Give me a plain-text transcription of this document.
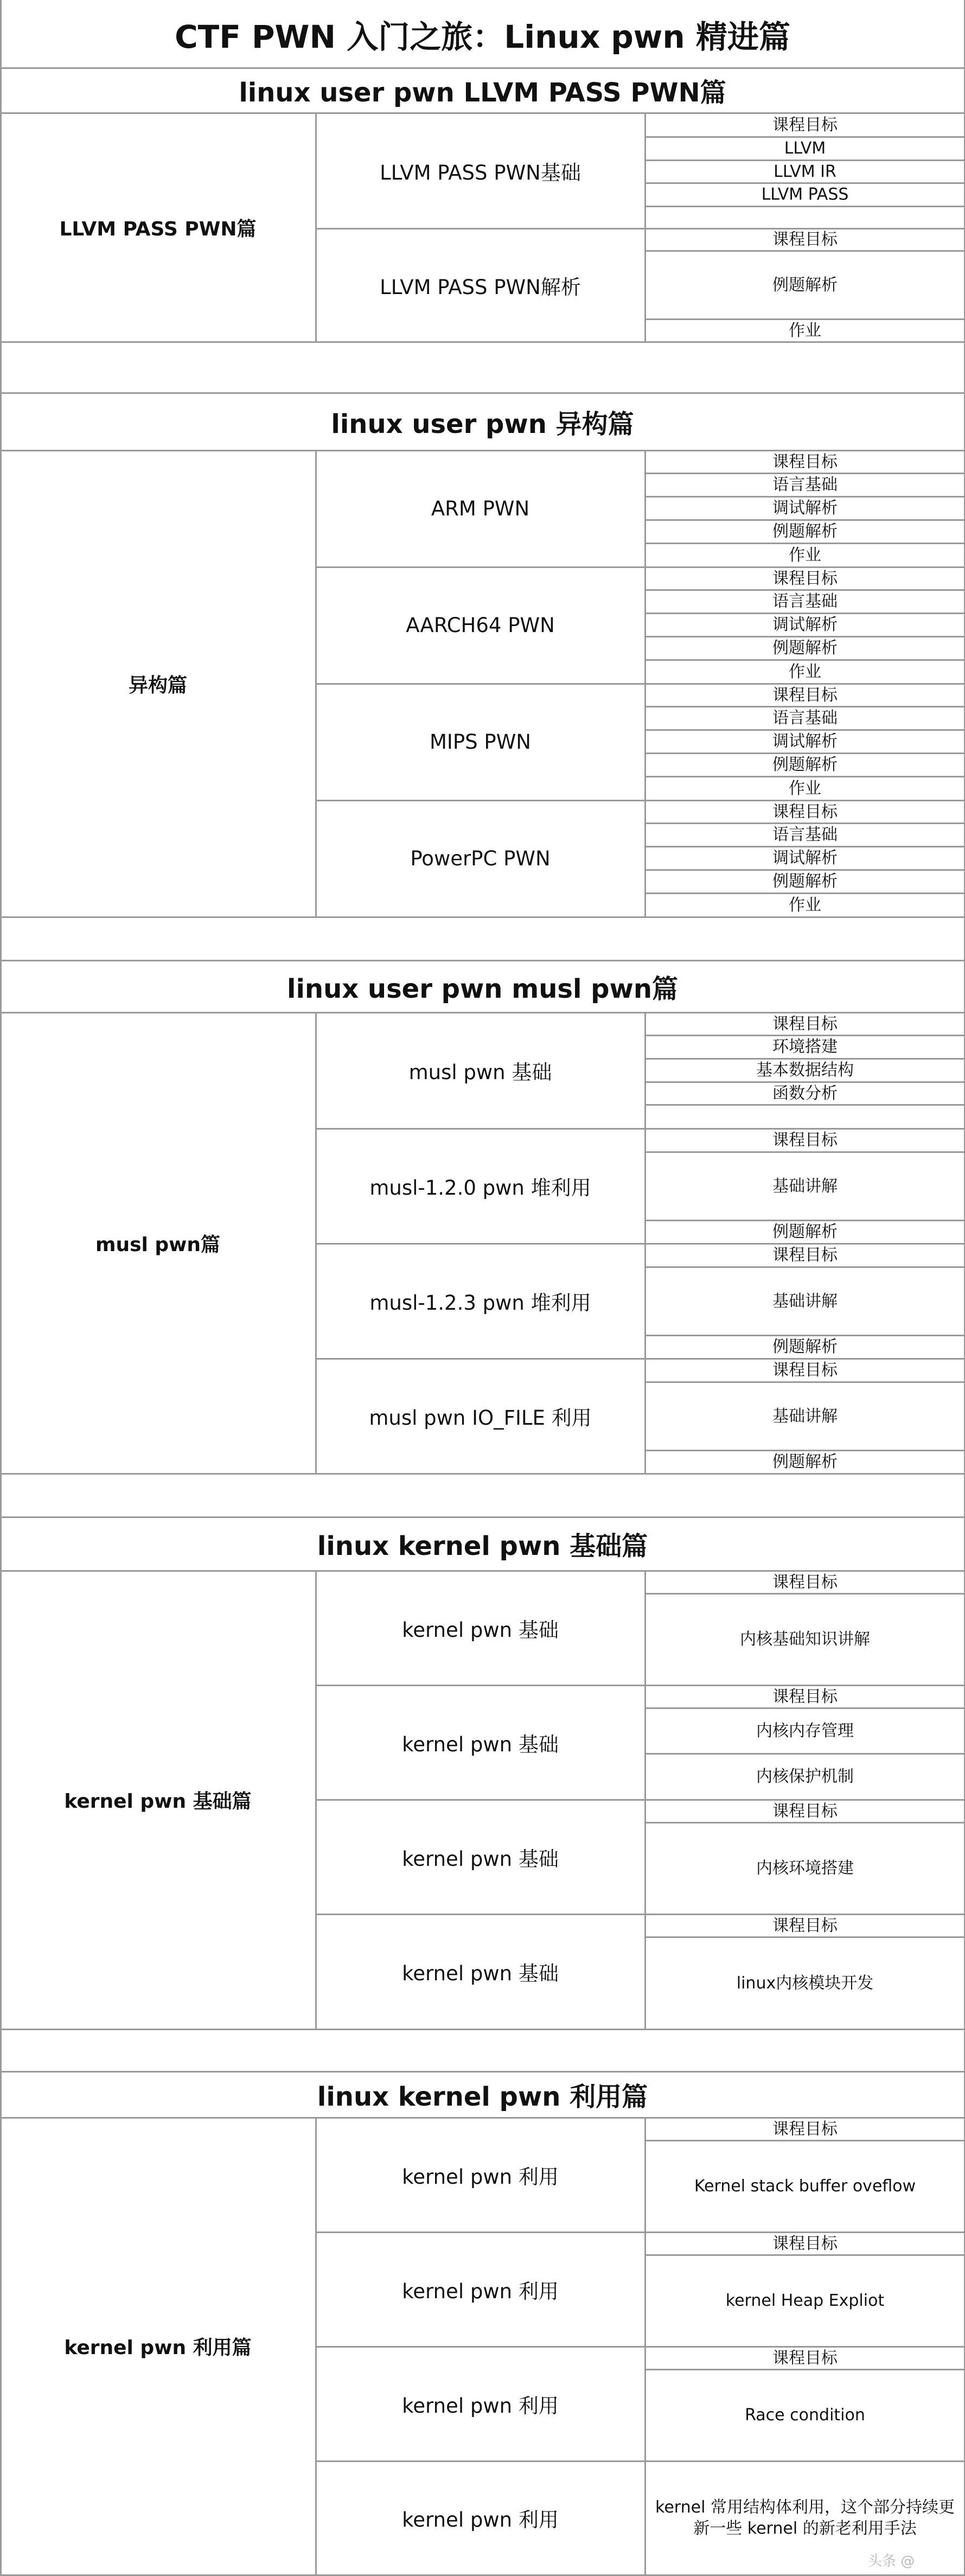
CTF PWN 入门之旅：Linux pwn 精进篇
linux user pwn LLVM PASS PWN篇
LLVM PASS PWN篇
LLVM PASS PWN基础
课程目标
LLVM
LLVM IR
LLVM PASS
LLVM PASS PWN解析
课程目标
例题解析
作业
linux user pwn 异构篇
异构篇
ARM PWN
课程目标
语言基础
调试解析
例题解析
作业
AARCH64 PWN
课程目标
语言基础
调试解析
例题解析
作业
MIPS PWN
课程目标
语言基础
调试解析
例题解析
作业
PowerPC PWN
课程目标
语言基础
调试解析
例题解析
作业
linux user pwn musl pwn篇
musl pwn篇
musl pwn 基础
课程目标
环境搭建
基本数据结构
函数分析
musl-1.2.0 pwn 堆利用
课程目标
基础讲解
例题解析
musl-1.2.3 pwn 堆利用
课程目标
基础讲解
例题解析
musl pwn IO_FILE 利用
课程目标
基础讲解
例题解析
linux kernel pwn 基础篇
kernel pwn 基础篇
kernel pwn 基础
课程目标
内核基础知识讲解
kernel pwn 基础
课程目标
内核内存管理
内核保护机制
kernel pwn 基础
课程目标
内核环境搭建
kernel pwn 基础
课程目标
linux内核模块开发
linux kernel pwn 利用篇
kernel pwn 利用篇
kernel pwn 利用
课程目标
Kernel stack buffer oveflow
kernel pwn 利用
课程目标
kernel Heap Expliot
kernel pwn 利用
课程目标
Race condition
kernel pwn 利用
kernel 常用结构体利用，这个部分持续更新一些 kernel 的新老利用手法
头条 @
